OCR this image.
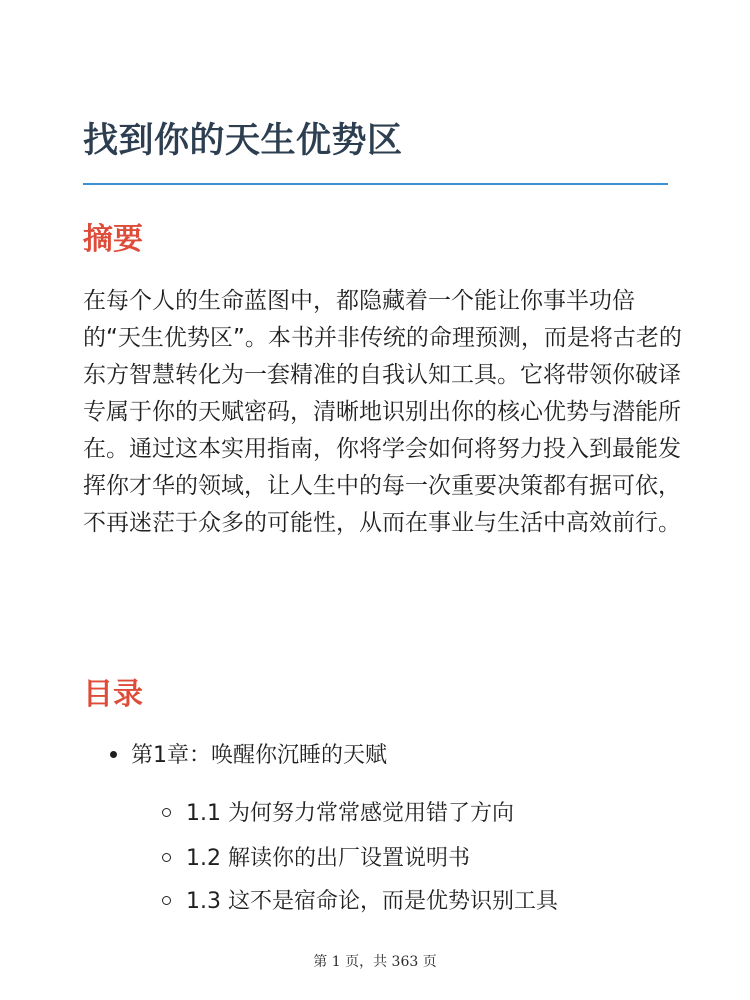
找到你的天生优势区
摘要

在每个人的生命蓝图中，都隐藏着一个能让你事半功倍的“天生优势区”。本书并非传统的命理预测，而是将古老的东方智慧转化为一套精准的自我认知工具。它将带领你破译专属于你的天赋密码，清晰地识别出你的核心优势与潜能所在。通过这本实用指南，你将学会如何将努力投入到最能发挥你才华的领域，让人生中的每一次重要决策都有据可依，不再迷茫于众多的可能性，从而在事业与生活中高效前行。

目录
第1章：唤醒你沉睡的天赋
1.1 为何努力常常感觉用错了方向
1.2 解读你的出厂设置说明书
1.3 这不是宿命论，而是优势识别工具
第 1 页，共 363 页
